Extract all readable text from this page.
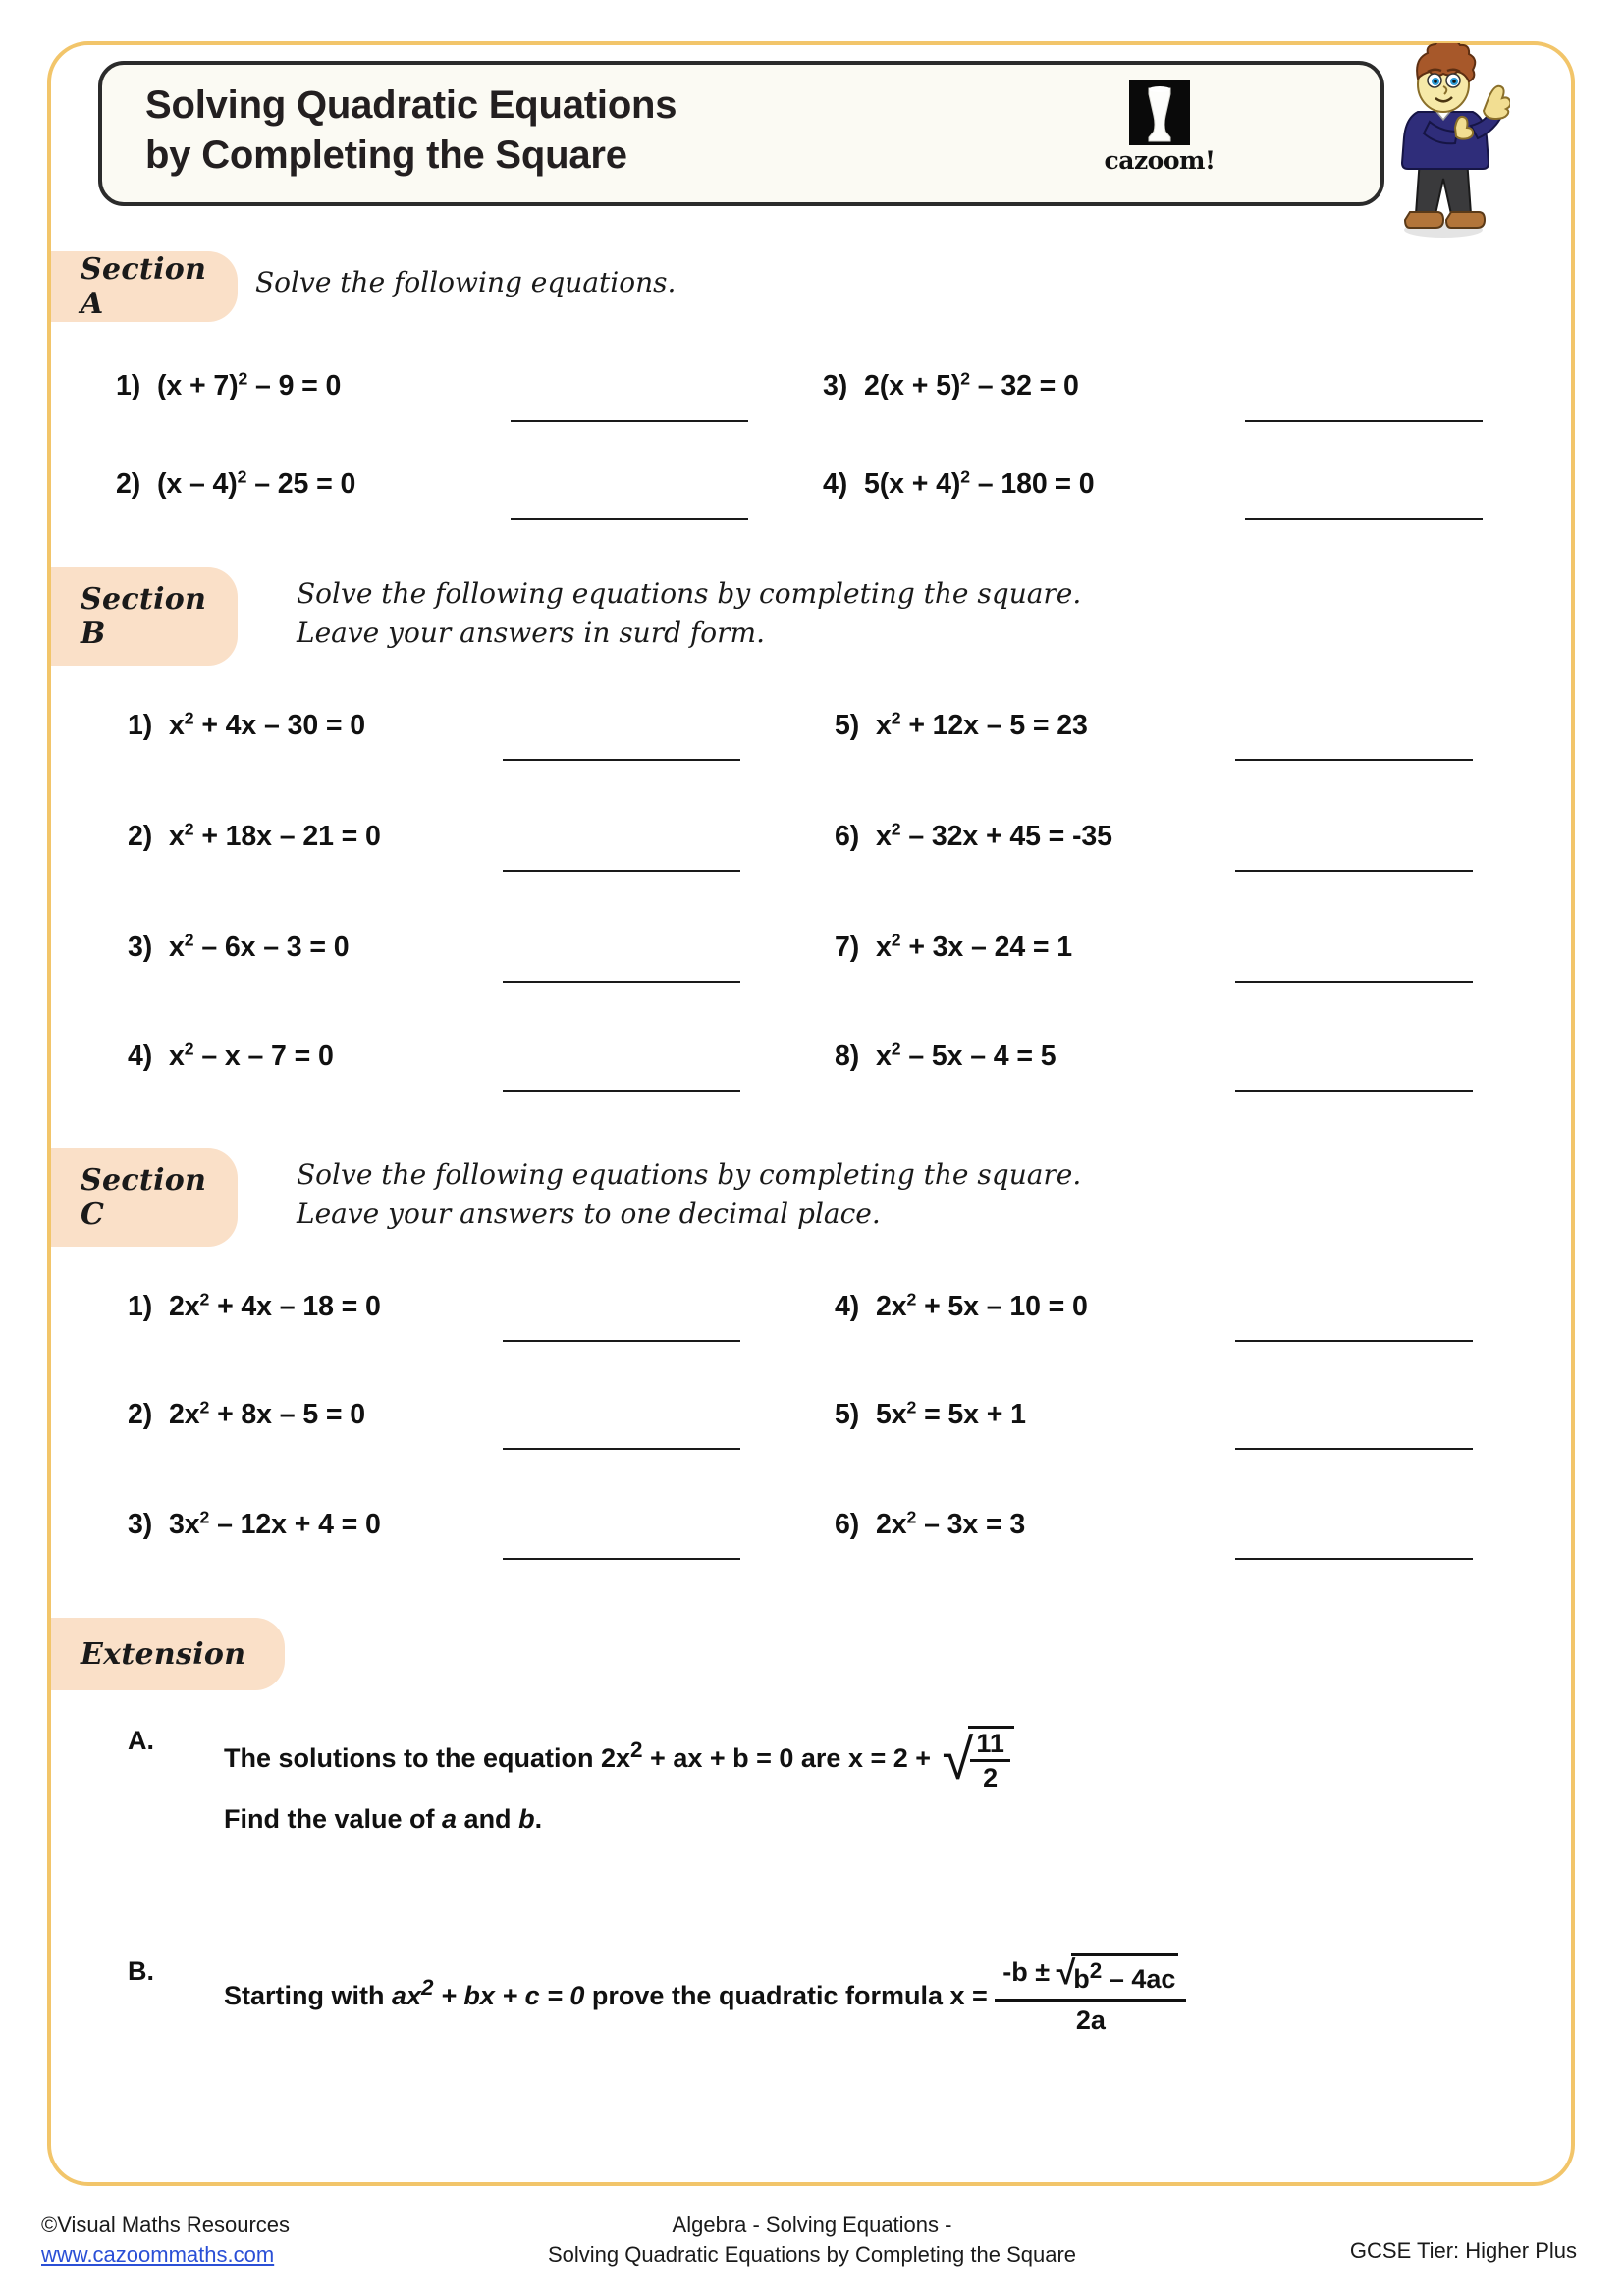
Solving Quadratic Equations
by Completing the Square	cazoom!
Section A
Solve the following equations.
1) $(x + 7)^2 - 9 = 0$	3) $2(x + 5)^2 - 32 = 0$
2) (x – 4)$^2$ – 25 = 0	4) $5(x + 4)^2 - 180 = 0$
Section B
Solve the following equations by completing the square.
Leave your answers in surd form.
1) $x^2 + 4x - 30 = 0$	5) $x^2 + 12x - 5 = 23$
2) $x^2 + 18x - 21 = 0$	6) $x^2 - 32x + 45 = -35$
3) $x^2 - 6x - 3 = 0$	7) $x^2 + 3x - 24 = 1$
4) $x^2 - x - 7 = 0$	8) $x^2 - 5x - 4 = 5$
Section C
Solve the following equations by completing the square.
Leave your answers to one decimal place.
1) $2x^2 + 4x - 18 = 0$	4) $2x^2 + 5x - 10 = 0$
2) $2x^2 + 8x - 5 = 0$	5) $5x^2 = 5x + 1$
3) $3x^2 - 12x + 4 = 0$	6) $2x^2 - 3x = 3$
Extension
A.
The solutions to the equation $2x^2$ + ax + b = 0 are x = 2 + √
$\frac{11}{2}$
Find the value of a and b.
B.
Starting with $ax^2$ + bx + c = 0 prove the quadratic formula $x = \frac{-b \pm √b^2 - 4ac}{2a}$
©Visual Maths Resources
www.cazoommaths.com
Algebra - Solving Equations -
Solving Quadratic Equations by Completing the Square	GCSE Tier: Higher Plus
